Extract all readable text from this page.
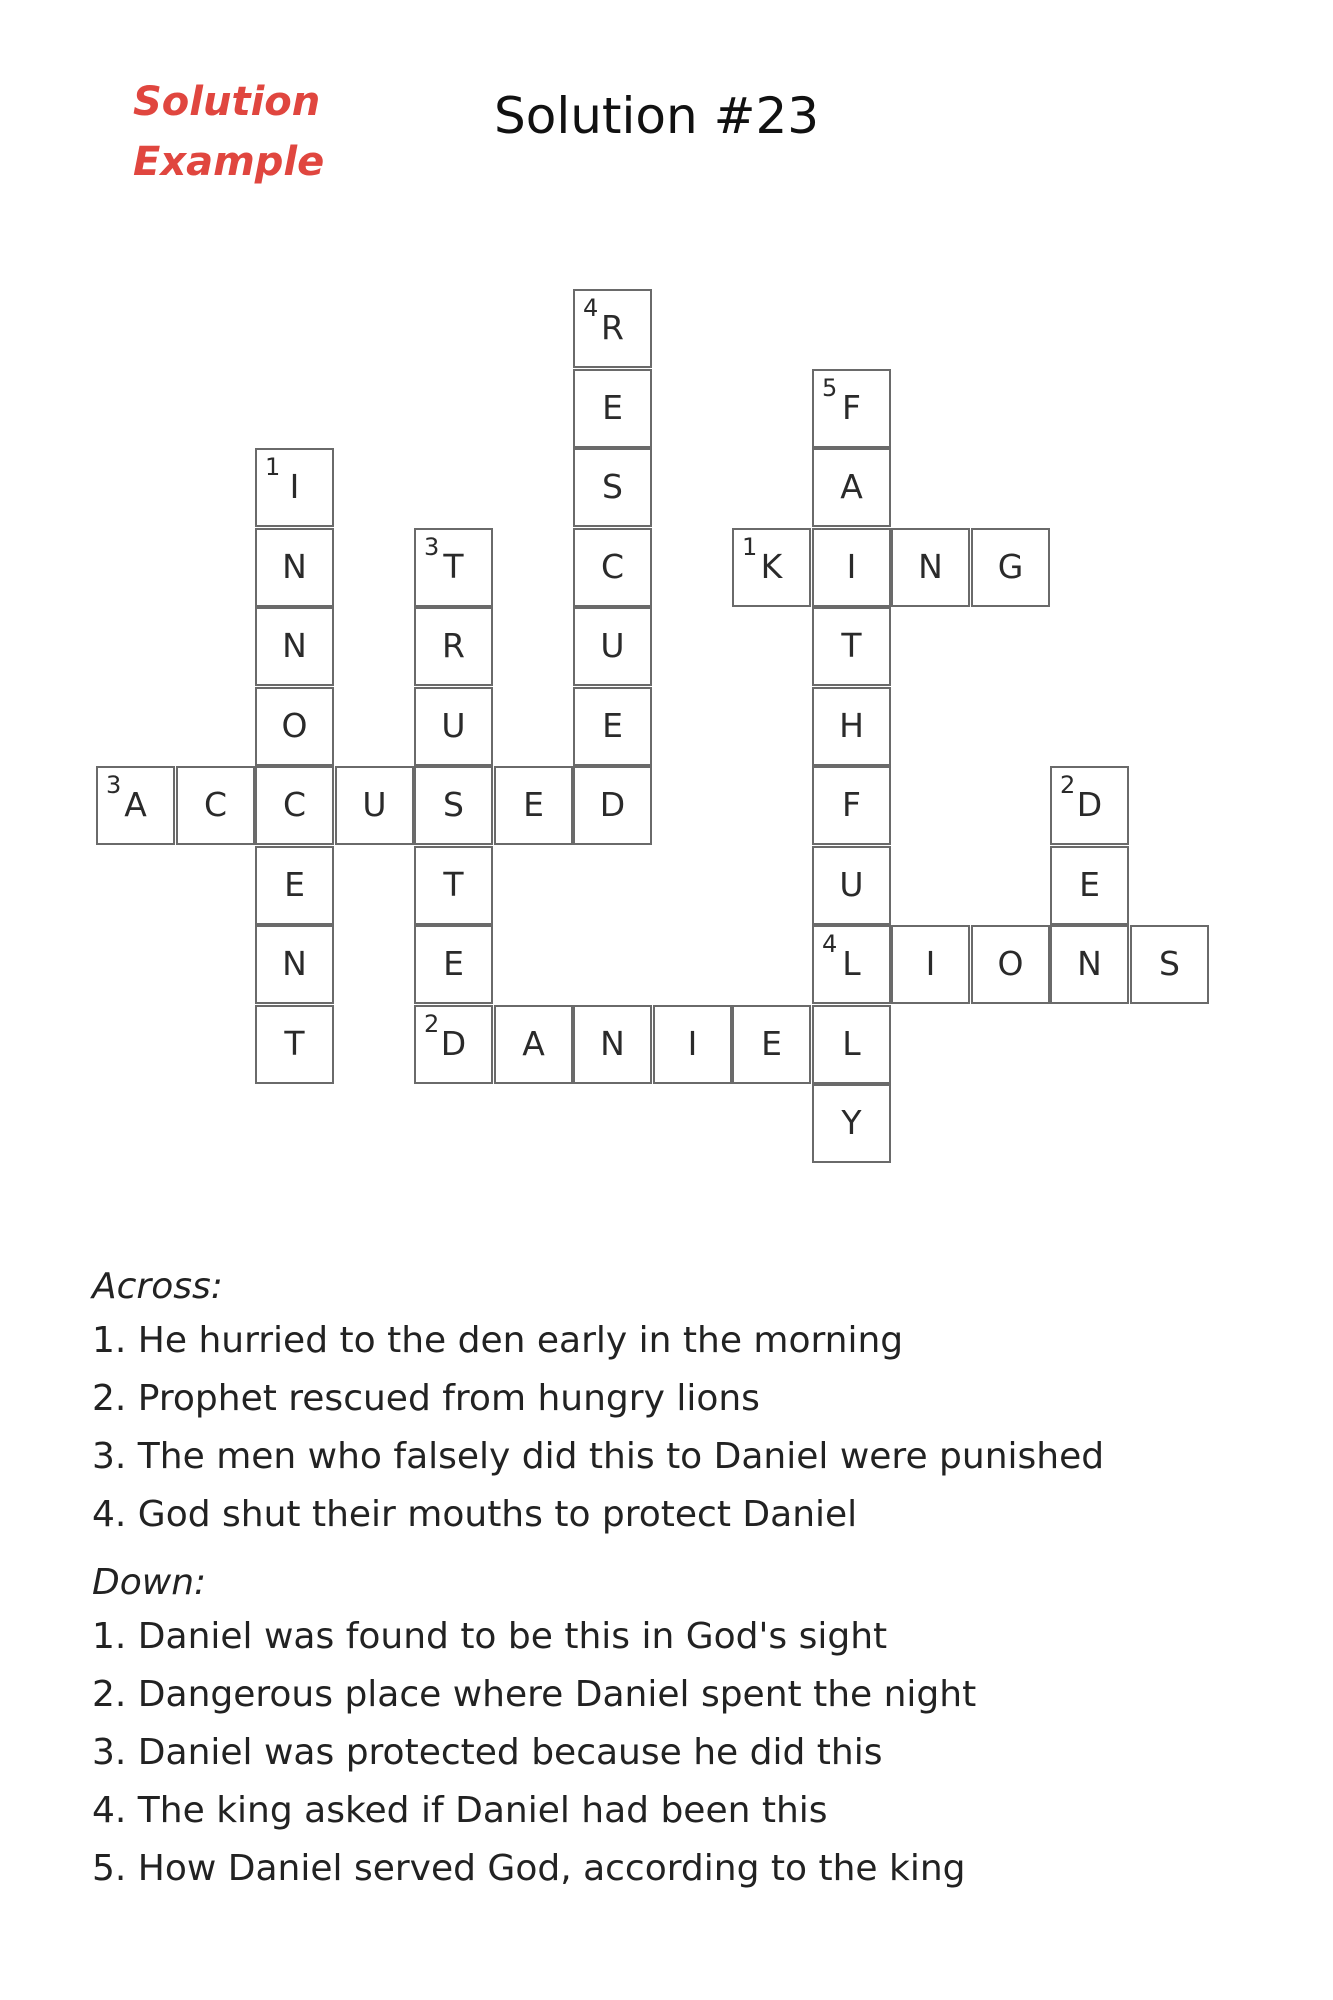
Solution
Example
Solution #23
R
4
E	F
5
I
1	S	A
N	T
3	C	K
1	I	N	G
N	R	U	T
O	U	E	H
A
3	C	C	U	S	E	D	F	D
2
E	T	U	E
N	E	L
4	I	O	N	S
T	D
2	A	N	I	E	L
Y

Across:

1. He hurried to the den early in the morning
2. Prophet rescued from hungry lions
3. The men who falsely did this to Daniel were punished
4. God shut their mouths to protect Daniel

Down:

1. Daniel was found to be this in God's sight
2. Dangerous place where Daniel spent the night
3. Daniel was protected because he did this
4. The king asked if Daniel had been this
5. How Daniel served God, according to the king
